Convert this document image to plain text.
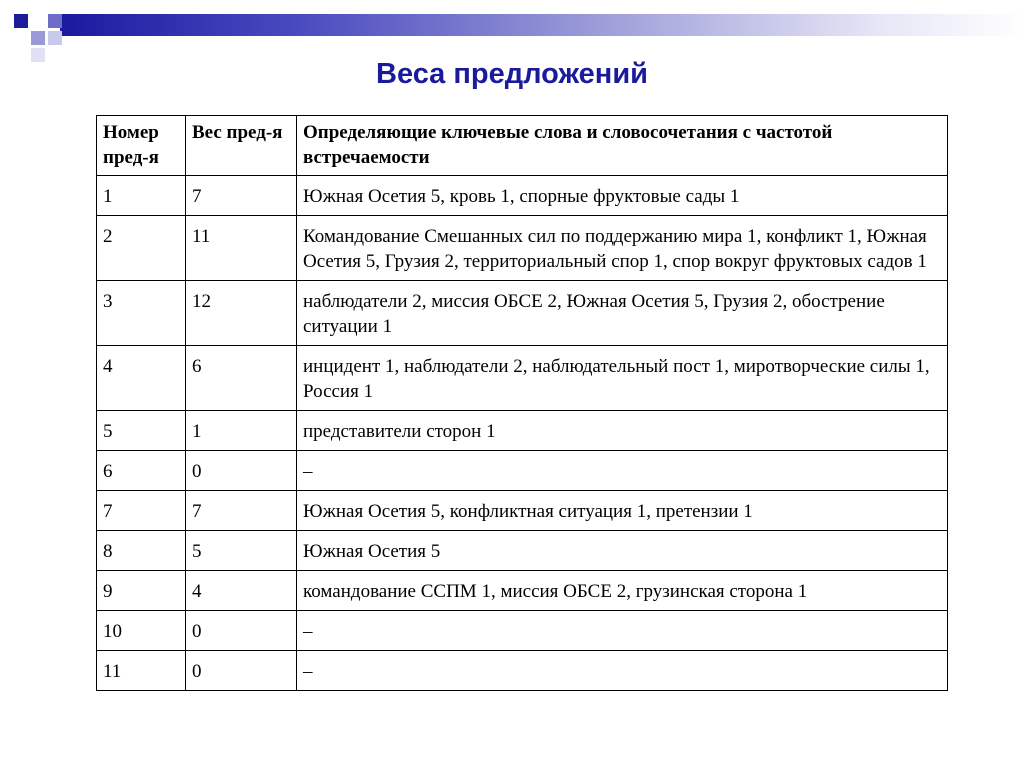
Веса предложений
Номер пред-я	Вес пред-я	Определяющие ключевые слова и словосочетания с частотой встречаемости
1	7	Южная Осетия 5, кровь 1, спорные фруктовые сады 1
2	11	Командование Смешанных сил по поддержанию мира 1, конфликт 1, Южная Осетия 5, Грузия 2, территориальный спор 1, спор вокруг фруктовых садов 1
3	12	наблюдатели 2, миссия ОБСЕ 2, Южная Осетия 5, Грузия 2, обострение ситуации 1
4	6	инцидент 1, наблюдатели 2, наблюдательный пост 1, миротворческие силы 1, Россия 1
5	1	представители сторон 1
6	0	–
7	7	Южная Осетия 5, конфликтная ситуация 1, претензии 1
8	5	Южная Осетия 5
9	4	командование ССПМ 1, миссия ОБСЕ 2, грузинская сторона 1
10	0	–
11	0	–
